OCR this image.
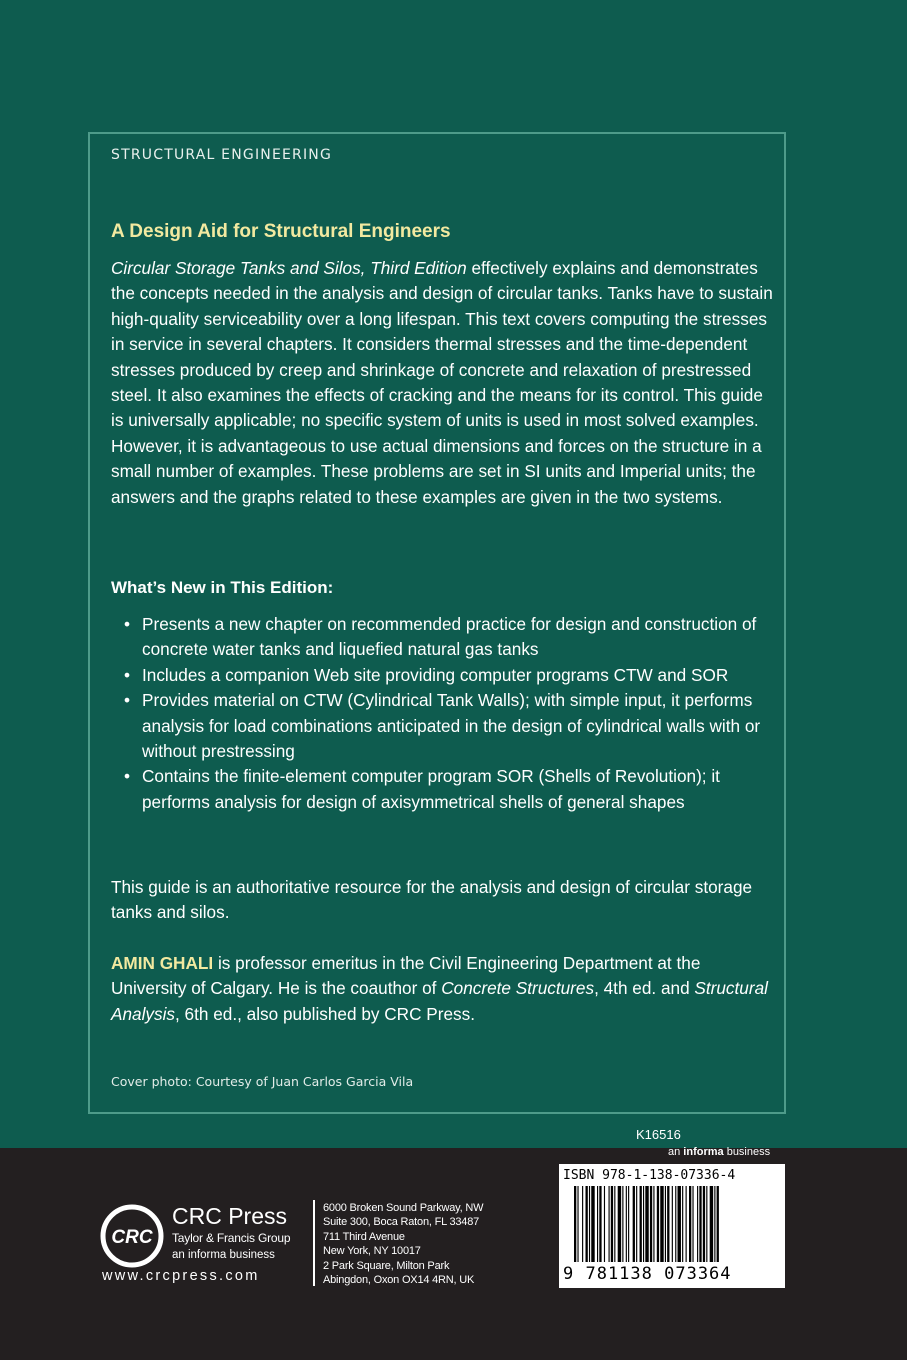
STRUCTURAL ENGINEERING
A Design Aid for Structural Engineers

Circular Storage Tanks and Silos, Third Edition effectively explains and demonstrates the concepts needed in the analysis and design of circular tanks. Tanks have to sustain high-quality serviceability over a long lifespan. This text covers computing the stresses in service in several chapters. It considers thermal stresses and the time-dependent stresses produced by creep and shrinkage of concrete and relaxation of prestressed steel. It also examines the effects of cracking and the means for its control. This guide is universally applicable; no specific system of units is used in most solved examples. However, it is advantageous to use actual dimensions and forces on the structure in a small number of examples. These problems are set in SI units and Imperial units; the answers and the graphs related to these examples are given in the two systems.

What’s New in This Edition:
• Presents a new chapter on recommended practice for design and construction of concrete water tanks and liquefied natural gas tanks
• Includes a companion Web site providing computer programs CTW and SOR
• Provides material on CTW (Cylindrical Tank Walls); with simple input, it performs analysis for load combinations anticipated in the design of cylindrical walls with or without prestressing
• Contains the finite-element computer program SOR (Shells of Revolution); it performs analysis for design of axisymmetrical shells of general shapes

This guide is an authoritative resource for the analysis and design of circular storage tanks and silos.

AMIN GHALI is professor emeritus in the Civil Engineering Department at the University of Calgary. He is the coauthor of Concrete Structures, 4th ed. and Structural Analysis, 6th ed., also published by CRC Press.

Cover photo: Courtesy of Juan Carlos Garcia Vila
K16516
an informa business
CRC
CRC Press
Taylor & Francis Group
an informa business
www.crcpress.com
6000 Broken Sound Parkway, NW
Suite 300, Boca Raton, FL 33487
711 Third Avenue
New York, NY 10017
2 Park Square, Milton Park
Abingdon, Oxon OX14 4RN, UK
ISBN 978-1-138-07336-4
9 781138 073364
